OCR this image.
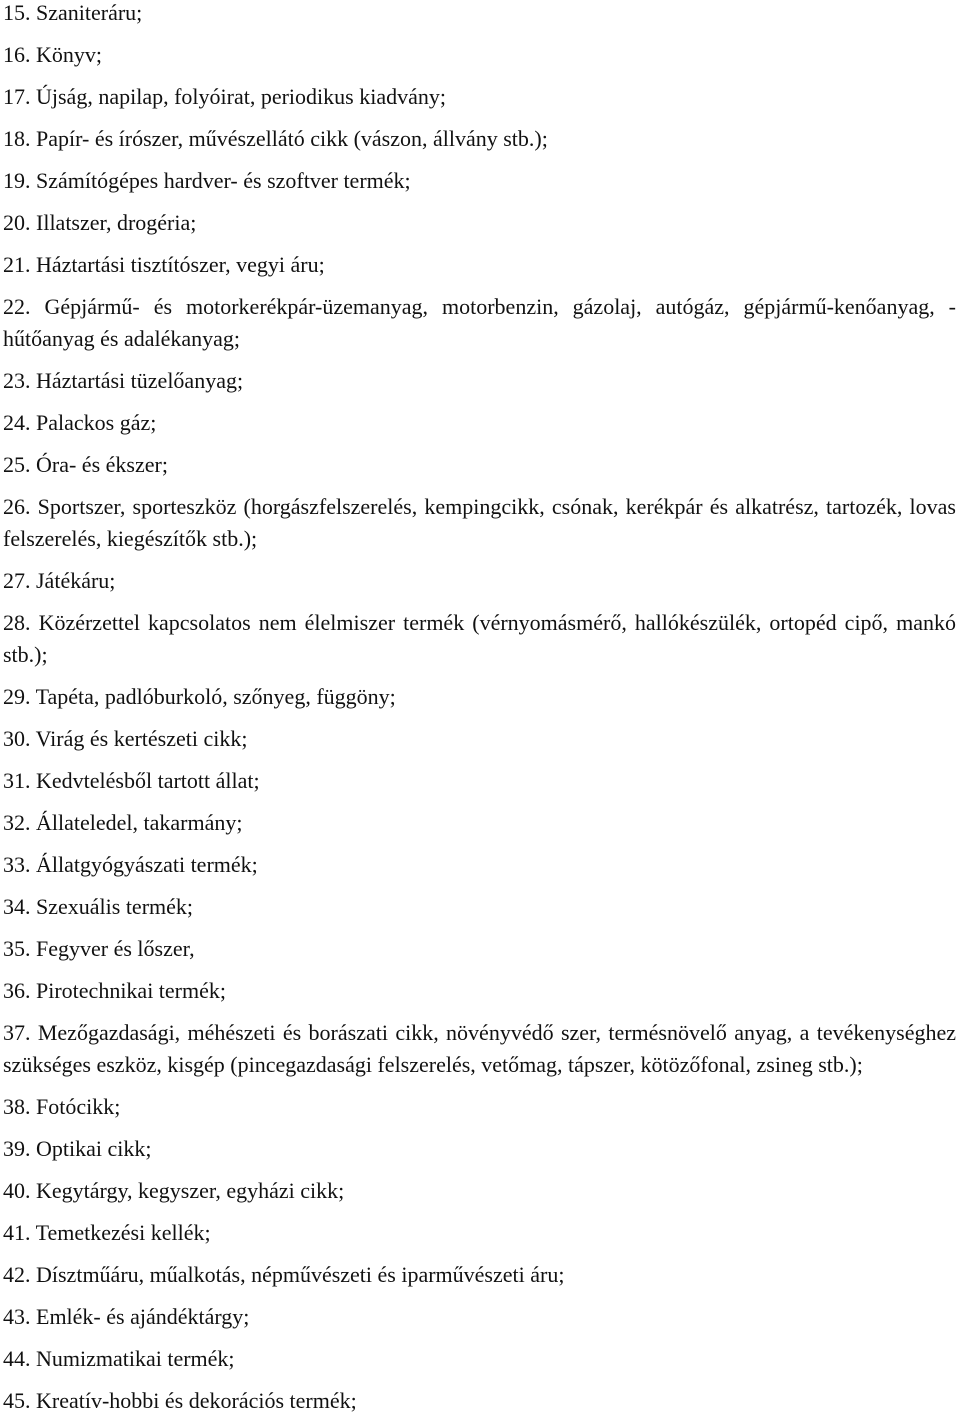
15. Szaniteráru;

16. Könyv;

17. Újság, napilap, folyóirat, periodikus kiadvány;

18. Papír- és írószer, művészellátó cikk (vászon, állvány stb.);

19. Számítógépes hardver- és szoftver termék;

20. Illatszer, drogéria;

21. Háztartási tisztítószer, vegyi áru;

22. Gépjármű- és motorkerékpár-üzemanyag, motorbenzin, gázolaj, autógáz, gépjármű-kenőanyag, -hűtőanyag és adalékanyag;

23. Háztartási tüzelőanyag;

24. Palackos gáz;

25. Óra- és ékszer;

26. Sportszer, sporteszköz (horgászfelszerelés, kempingcikk, csónak, kerékpár és alkatrész, tartozék, lovas felszerelés, kiegészítők stb.);

27. Játékáru;

28. Közérzettel kapcsolatos nem élelmiszer termék (vérnyomásmérő, hallókészülék, ortopéd cipő, mankó stb.);

29. Tapéta, padlóburkoló, szőnyeg, függöny;

30. Virág és kertészeti cikk;

31. Kedvtelésből tartott állat;

32. Állateledel, takarmány;

33. Állatgyógyászati termék;

34. Szexuális termék;

35. Fegyver és lőszer,

36. Pirotechnikai termék;

37. Mezőgazdasági, méhészeti és borászati cikk, növényvédő szer, termésnövelő anyag, a tevékenységhez szükséges eszköz, kisgép (pincegazdasági felszerelés, vetőmag, tápszer, kötözőfonal, zsineg stb.);

38. Fotócikk;

39. Optikai cikk;

40. Kegytárgy, kegyszer, egyházi cikk;

41. Temetkezési kellék;

42. Dísztműáru, műalkotás, népművészeti és iparművészeti áru;

43. Emlék- és ajándéktárgy;

44. Numizmatikai termék;

45. Kreatív-hobbi és dekorációs termék;
